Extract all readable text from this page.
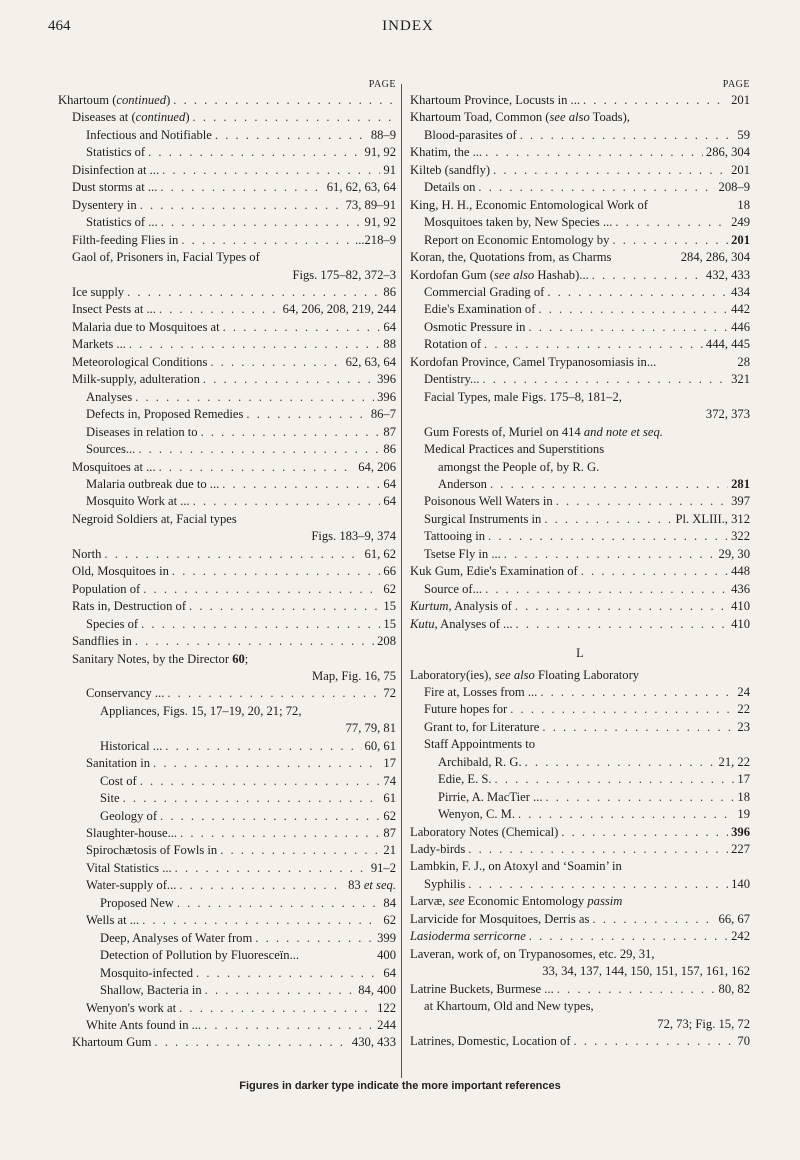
464	INDEX
PAGE
Khartoum (continued)
. . .
Diseases at (continued)
. . .
Infectious and Notifiable . . .	88–9
Statistics of . . .	91, 92
Disinfection at ... . . .	91
Dust storms at ... . . .	61, 62, 63, 64
Dysentery in . . .	73, 89–91
Statistics of ... . . .	91, 92
Filth-feeding Flies in . . .	...218–9
Gaol of, Prisoners in, Facial Types of
Figs. 175–82, 372–3
Ice supply . . .	86
Insect Pests at ... . . .	64, 206, 208, 219, 244
Malaria due to Mosquitoes at . . .	64
Markets ... . . .	88
Meteorological Conditions . . .	62, 63, 64
Milk-supply, adulteration . . .	396
Analyses . . .	396
Defects in, Proposed Remedies . . .	86–7
Diseases in relation to . . .	87
Sources... . . .	86
Mosquitoes at ... . . .	64, 206
Malaria outbreak due to ... . . .	64
Mosquito Work at ... . . .	64
Negroid Soldiers at, Facial types
Figs. 183–9, 374
North . . .	61, 62
Old, Mosquitoes in . . .	66
Population of . . .	62
Rats in, Destruction of . . .	15
Species of . . .	15
Sandflies in . . .	208
Sanitary Notes, by the Director 60;
Map, Fig. 16, 75
Conservancy ... . . .	72
Appliances, Figs. 15, 17–19, 20, 21; 72,
77, 79, 81
Historical ... . . .	60, 61
Sanitation in . . .	17
Cost of . . .	74
Site . . .	61
Geology of . . .	62
Slaughter-house... . . .	87
Spirochætosis of Fowls in . . .	21
Vital Statistics ... . . .	91–2
Water-supply of... . . .	83 et seq.
Proposed New . . .	84
Wells at ... . . .	62
Deep, Analyses of Water from . . .	399
Detection of Pollution by Fluoresceïn...	400
Mosquito-infected . . .	64
Shallow, Bacteria in . . .	84, 400
Wenyon's work at . . .	122
White Ants found in ... . . .	244
Khartoum Gum . . .	430, 433
PAGE
Khartoum Province, Locusts in ... . . .	201
Khartoum Toad, Common (see also Toads),
Blood-parasites of . . .	59
Khatim, the ... . . .	286, 304
Kilteb (sandfly) . . .	201
Details on . . .	208–9
King, H. H., Economic Entomological Work of	18
Mosquitoes taken by, New Species ... . . .	249
Report on Economic Entomology by . . .	201
Koran, the, Quotations from, as Charms	284, 286, 304
Kordofan Gum (see also Hashab)... . . .	432, 433
Commercial Grading of . . .	434
Edie's Examination of . . .	442
Osmotic Pressure in . . .	446
Rotation of . . .	444, 445
Kordofan Province, Camel Trypanosomiasis in...	28
Dentistry... . . .	321
Facial Types, male Figs. 175–8, 181–2,
372, 373
Gum Forests of, Muriel on 414 and note et seq.
Medical Practices and Superstitions
amongst the People of, by R. G.
Anderson . . .	281
Poisonous Well Waters in . . .	397
Surgical Instruments in . . .	Pl. XLIII., 312
Tattooing in . . .	322
Tsetse Fly in ... . . .	29, 30
Kuk Gum, Edie's Examination of . . .	448
Source of... . . .	436
Kurtum, Analysis of . . .	410
Kutu, Analyses of ... . . .	410
L
Laboratory(ies), see also Floating Laboratory
Fire at, Losses from ... . . .	24
Future hopes for . . .	22
Grant to, for Literature . . .	23
Staff Appointments to
Archibald, R. G. . . .	21, 22
Edie, E. S. . . .	17
Pirrie, A. MacTier ... . . .	18
Wenyon, C. M. . . .	19
Laboratory Notes (Chemical) . . .	396
Lady-birds . . .	227
Lambkin, F. J., on Atoxyl and ‘Soamin’ in
Syphilis . . .	140
Larvæ, see Economic Entomology passim
Larvicide for Mosquitoes, Derris as . . .	66, 67
Lasioderma serricorne . . .	242
Laveran, work of, on Trypanosomes, etc. 29, 31,
33, 34, 137, 144, 150, 151, 157, 161, 162
Latrine Buckets, Burmese ... . . .	80, 82
at Khartoum, Old and New types,
72, 73; Fig. 15, 72
Latrines, Domestic, Location of . . .	70
Figures in darker type indicate the more important references
